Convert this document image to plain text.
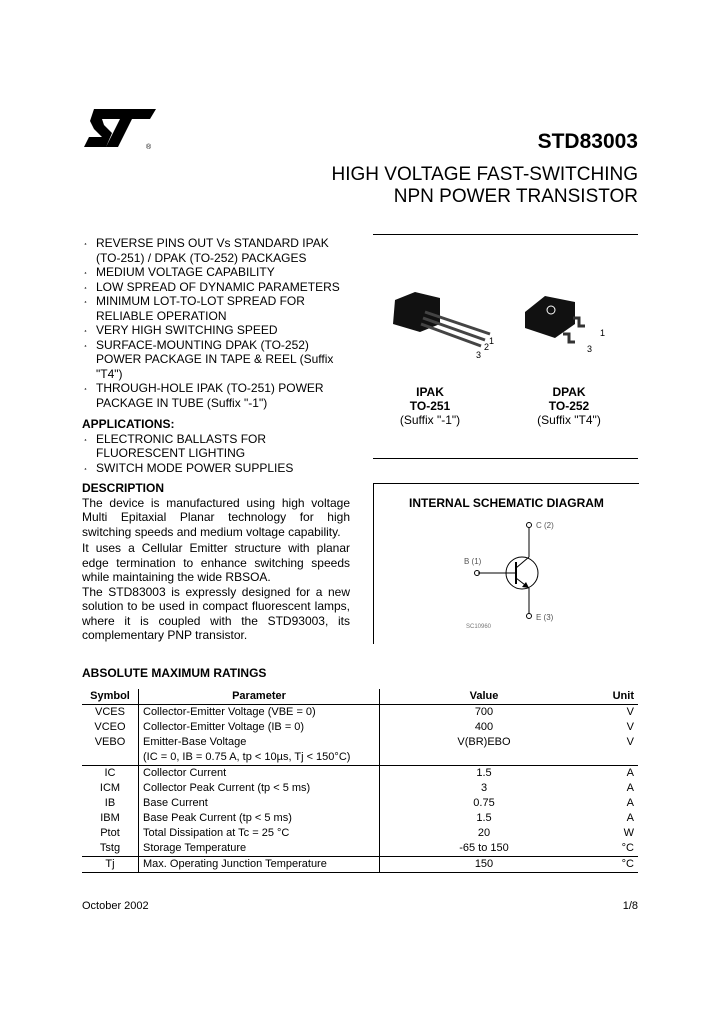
®	STD83003
HIGH VOLTAGE FAST-SWITCHING
NPN POWER TRANSISTOR
¸ REVERSE PINS OUT Vs STANDARD IPAK (TO-251) / DPAK (TO-252) PACKAGES
¸ MEDIUM VOLTAGE CAPABILITY
¸ LOW SPREAD OF DYNAMIC PARAMETERS
¸ MINIMUM LOT-TO-LOT SPREAD FOR RELIABLE OPERATION
¸ VERY HIGH SWITCHING SPEED
¸ SURFACE-MOUNTING DPAK (TO-252) POWER PACKAGE IN TAPE & REEL (Suffix "T4")
¸ THROUGH-HOLE IPAK (TO-251) POWER PACKAGE IN TUBE (Suffix "-1")
APPLICATIONS:
¸ ELECTRONIC BALLASTS FOR FLUORESCENT LIGHTING
¸ SWITCH MODE POWER SUPPLIES
DESCRIPTION
The device is manufactured using high voltage Multi Epitaxial Planar technology for high switching speeds and medium voltage capability.
It uses a Cellular Emitter structure with planar edge termination to enhance switching speeds while maintaining the wide RBSOA.
The STD83003 is expressly designed for a new solution to be used in compact fluorescent lamps, where it is coupled with the STD93003, its complementary PNP transistor.
1
2
3
1
3
IPAK
TO-251
(Suffix "-1")
DPAK
TO-252
(Suffix "T4")
INTERNAL SCHEMATIC DIAGRAM
C (2)
B (1)
E (3)
SC10960
ABSOLUTE MAXIMUM RATINGS
Symbol	Parameter	Value	Unit

VCES	Collector-Emitter Voltage (VBE = 0)	700	V

VCEO	Collector-Emitter Voltage (IB = 0)	400	V

VEBO	Emitter-Base Voltage
(IC = 0, IB = 0.75 A, tp < 10µs, Tj < 150°C)	V(BR)EBO	V

IC	Collector Current	1.5	A

ICM	Collector Peak Current (tp < 5 ms)	3	A

IB	Base Current	0.75	A

IBM	Base Peak Current (tp < 5 ms)	1.5	A

Ptot	Total Dissipation at Tc = 25 °C	20	W

Tstg	Storage Temperature	-65 to 150	°C

Tj	Max. Operating Junction Temperature	150	°C
October 2002	1/8
